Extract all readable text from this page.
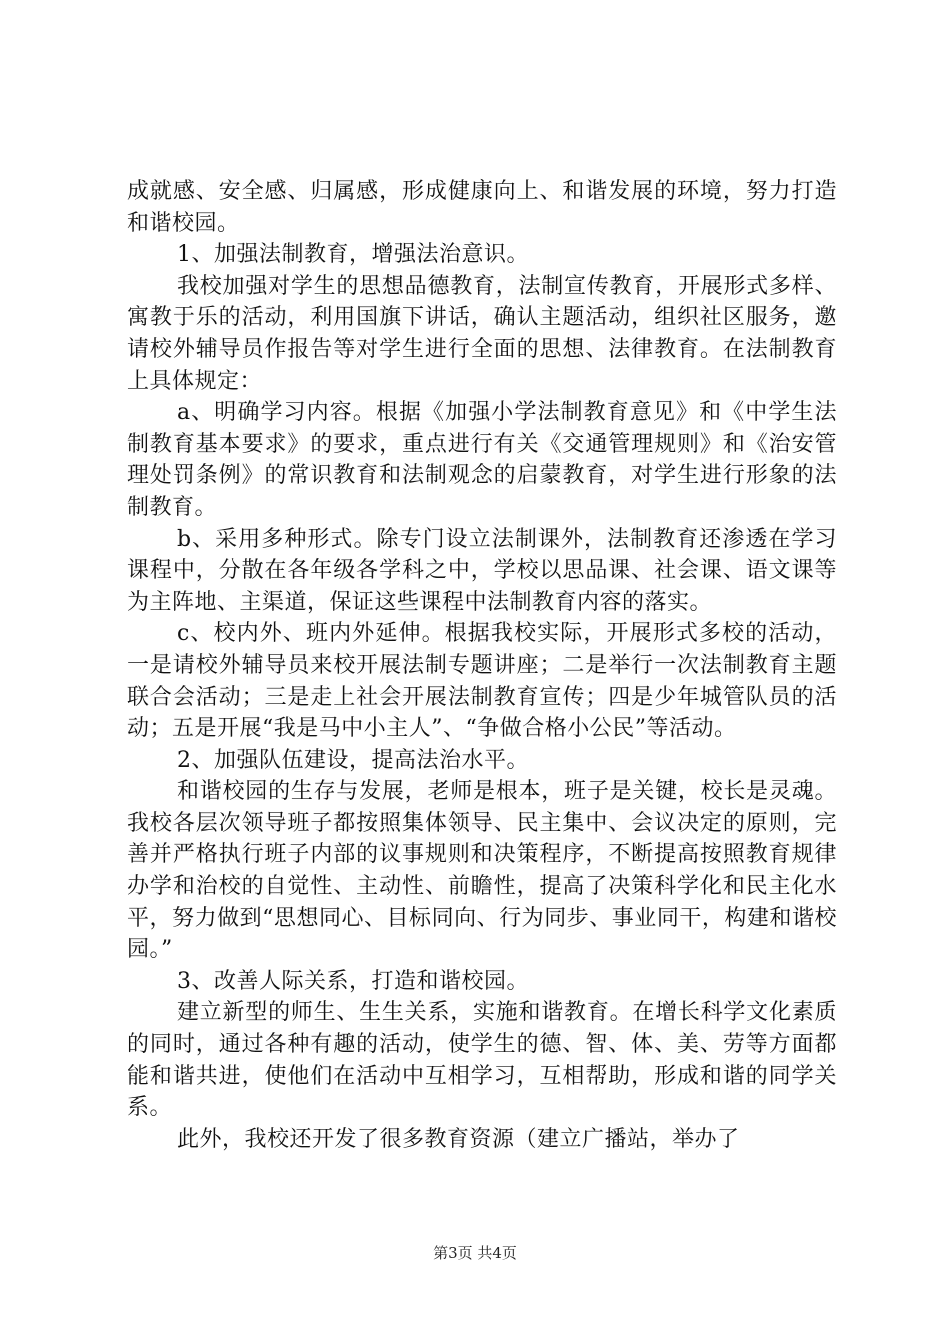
成就感、安全感、归属感，形成健康向上、和谐发展的环境，努力打造和谐校园。

1、加强法制教育，增强法治意识。

我校加强对学生的思想品德教育，法制宣传教育，开展形式多样、寓教于乐的活动，利用国旗下讲话，确认主题活动，组织社区服务，邀请校外辅导员作报告等对学生进行全面的思想、法律教育。在法制教育上具体规定：

a、明确学习内容。根据《加强小学法制教育意见》和《中学生法制教育基本要求》的要求，重点进行有关《交通管理规则》和《治安管理处罚条例》的常识教育和法制观念的启蒙教育，对学生进行形象的法制教育。

b、采用多种形式。除专门设立法制课外，法制教育还渗透在学习课程中，分散在各年级各学科之中，学校以思品课、社会课、语文课等为主阵地、主渠道，保证这些课程中法制教育内容的落实。

c、校内外、班内外延伸。根据我校实际，开展形式多校的活动，一是请校外辅导员来校开展法制专题讲座；二是举行一次法制教育主题联合会活动；三是走上社会开展法制教育宣传；四是少年城管队员的活动；五是开展“我是马中小主人”、“争做合格小公民”等活动。

2、加强队伍建设，提高法治水平。

和谐校园的生存与发展，老师是根本，班子是关键，校长是灵魂。我校各层次领导班子都按照集体领导、民主集中、会议决定的原则，完善并严格执行班子内部的议事规则和决策程序，不断提高按照教育规律办学和治校的自觉性、主动性、前瞻性，提高了决策科学化和民主化水平，努力做到“思想同心、目标同向、行为同步、事业同干，构建和谐校园。”

3、改善人际关系，打造和谐校园。

建立新型的师生、生生关系，实施和谐教育。在增长科学文化素质的同时，通过各种有趣的活动，使学生的德、智、体、美、劳等方面都能和谐共进，使他们在活动中互相学习，互相帮助，形成和谐的同学关系。

此外，我校还开发了很多教育资源（建立广播站，举办了

第3页 共4页
